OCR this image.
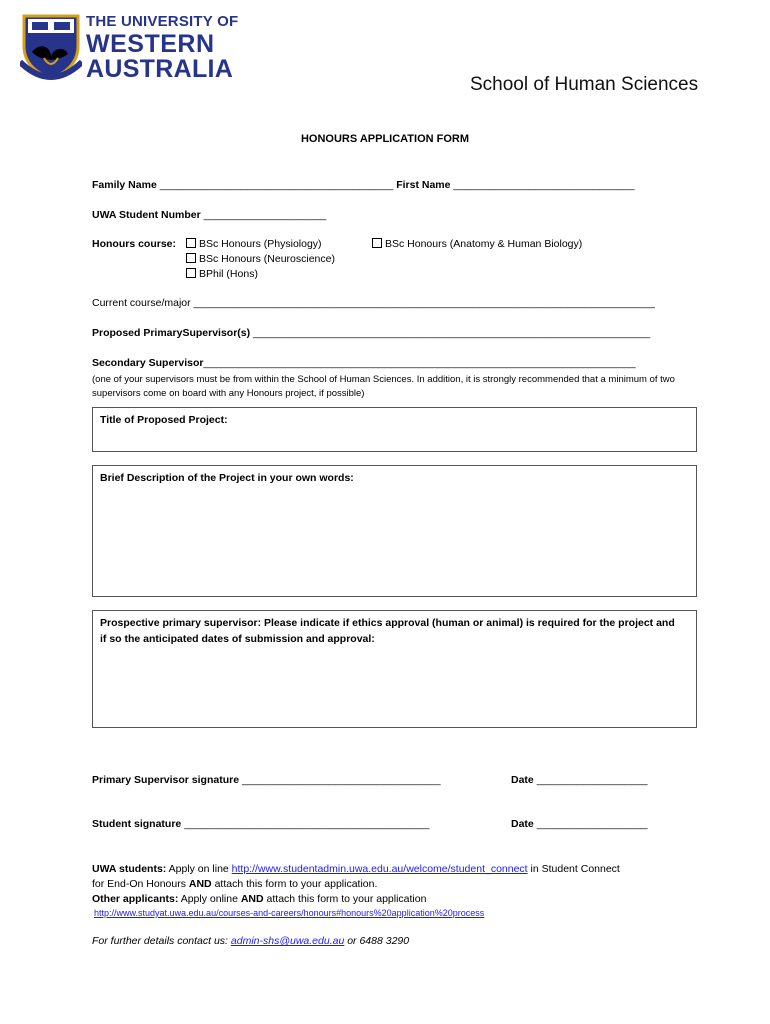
THE UNIVERSITY OF
WESTERN
AUSTRALIA
School of Human Sciences
HONOURS APPLICATION FORM
Family Name ________________________________________ First Name _______________________________
UWA Student Number _____________________
Honours course:	BSc Honours (Physiology)	BSc Honours (Anatomy & Human Biology)
BSc Honours (Neuroscience)
BPhil (Hons)
Current course/major _______________________________________________________________________________
Proposed PrimarySupervisor(s) ____________________________________________________________________
Secondary Supervisor__________________________________________________________________________
(one of your supervisors must be from within the School of Human Sciences. In addition, it is strongly recommended that a minimum of two supervisors come on board with any Honours project, if possible)
Title of Proposed Project:
Brief Description of the Project in your own words:
Prospective primary supervisor: Please indicate if ethics approval (human or animal) is required for the project and if so the anticipated dates of submission and approval:
Primary Supervisor signature __________________________________	Date ___________________
Student signature __________________________________________	Date ___________________
UWA students: Apply on line http://www.studentadmin.uwa.edu.au/welcome/student_connect in Student Connect
for End-On Honours AND attach this form to your application.
Other applicants: Apply online AND attach this form to your application
http://www.studyat.uwa.edu.au/courses-and-careers/honours#honours%20application%20process
For further details contact us: admin-shs@uwa.edu.au or 6488 3290
